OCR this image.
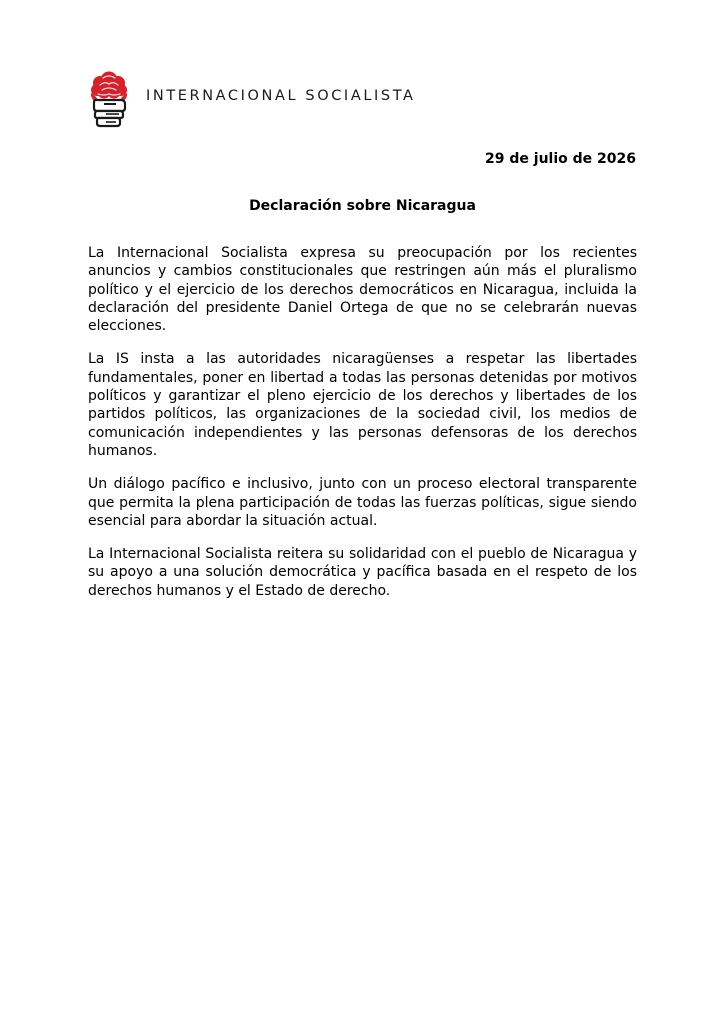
INTERNACIONAL SOCIALISTA
29 de julio de 2026
Declaración sobre Nicaragua

La Internacional Socialista expresa su preocupación por los recientes anuncios y cambios constitucionales que restringen aún más el pluralismo político y el ejercicio de los derechos democráticos en Nicaragua, incluida la declaración del presidente Daniel Ortega de que no se celebrarán nuevas elecciones.

La IS insta a las autoridades nicaragüenses a respetar las libertades fundamentales, poner en libertad a todas las personas detenidas por motivos políticos y garantizar el pleno ejercicio de los derechos y libertades de los partidos políticos, las organizaciones de la sociedad civil, los medios de comunicación independientes y las personas defensoras de los derechos humanos.

Un diálogo pacífico e inclusivo, junto con un proceso electoral transparente que permita la plena participación de todas las fuerzas políticas, sigue siendo esencial para abordar la situación actual.

La Internacional Socialista reitera su solidaridad con el pueblo de Nicaragua y su apoyo a una solución democrática y pacífica basada en el respeto de los derechos humanos y el Estado de derecho.
